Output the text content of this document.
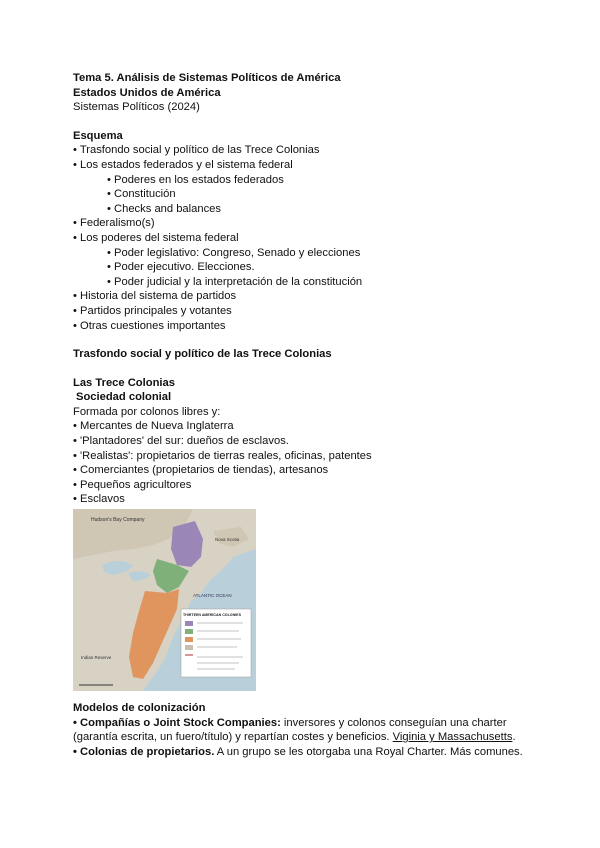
Tema 5. Análisis de Sistemas Políticos de América
Estados Unidos de América
Sistemas Políticos (2024)
Esquema
• Trasfondo social y político de las Trece Colonias
• Los estados federados y el sistema federal
• Poderes en los estados federados
• Constitución
• Checks and balances
• Federalismo(s)
• Los poderes del sistema federal
• Poder legislativo: Congreso, Senado y elecciones
• Poder ejecutivo. Elecciones.
• Poder judicial y la interpretación de la constitución
• Historia del sistema de partidos
• Partidos principales y votantes
• Otras cuestiones importantes
Trasfondo social y político de las Trece Colonias
Las Trece Colonias
Sociedad colonial
Formada por colonos libres y:
• Mercantes de Nueva Inglaterra
• 'Plantadores' del sur: dueños de esclavos.
• 'Realistas': propietarios de tierras reales, oficinas, patentes
• Comerciantes (propietarios de tiendas), artesanos
• Pequeños agricultores
• Esclavos
Hudson's Bay Company
Nova Scotia
ATLANTIC OCEAN
Indian Reserve
THIRTEEN AMERICAN COLONIES
Modelos de colonización
• Compañías o Joint Stock Companies: inversores y colonos conseguían una charter (garantía escrita, un fuero/título) y repartían costes y beneficios. Viginia y Massachusetts.
• Colonias de propietarios. A un grupo se les otorgaba una Royal Charter. Más comunes.
